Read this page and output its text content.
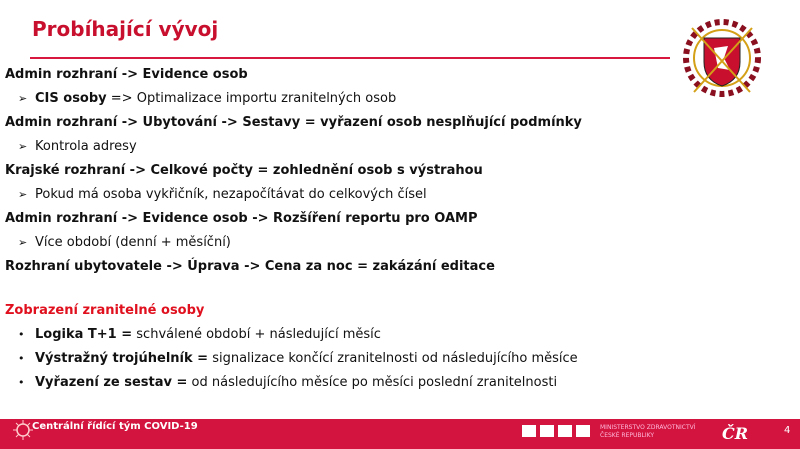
Probíhající vývoj
Admin rozhraní -> Evidence osob
➢ CIS osoby => Optimalizace importu zranitelných osob
Admin rozhraní -> Ubytování -> Sestavy = vyřazení osob nesplňující podmínky
➢ Kontrola adresy
Krajské rozhraní -> Celkové počty = zohlednění osob s výstrahou
➢ Pokud má osoba vykřičník, nezapočítávat do celkových čísel
Admin rozhraní -> Evidence osob -> Rozšíření reportu pro OAMP
➢ Více období (denní + měsíční)
Rozhraní ubytovatele -> Úprava -> Cena za noc = zakázání editace
Zobrazení zranitelné osoby
• Logika T+1 = schválené období + následující měsíc
• Výstražný trojúhelník = signalizace končící zranitelnosti od následujícího měsíce
• Vyřazení ze sestav = od následujícího měsíce po měsíci poslední zranitelnosti
Centrální řídící tým COVID-19	MINISTERSTVO ZDRAVOTNICTVÍ
ČESKÉ REPUBLIKY	ČR	4
